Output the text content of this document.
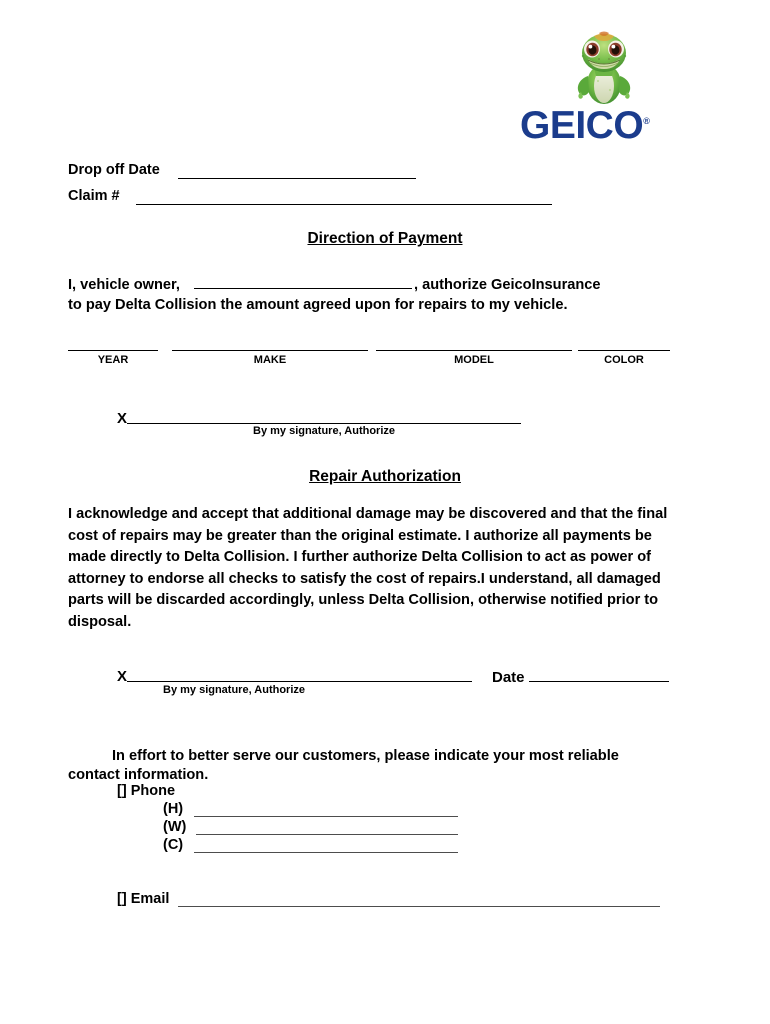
GEICO®
Drop off Date
Claim #
Direction of Payment
I, vehicle owner,	, authorize GeicoInsurance
to pay Delta Collision the amount agreed upon for repairs to my vehicle.
YEAR	MAKE	MODEL	COLOR
X
By my signature, Authorize
Repair Authorization
I acknowledge and accept that additional damage may be discovered and that the final cost of repairs may be greater than the original estimate. I authorize all payments be made directly to Delta Collision. I further authorize Delta Collision to act as power of attorney to endorse all checks to satisfy the cost of repairs.I understand, all damaged parts will be discarded accordingly, unless Delta Collision, otherwise notified prior to disposal.
X
By my signature, Authorize
Date
In effort to better serve our customers, please indicate your most reliable
contact information.
[] Phone
(H)
(W)
(C)
[] Email
